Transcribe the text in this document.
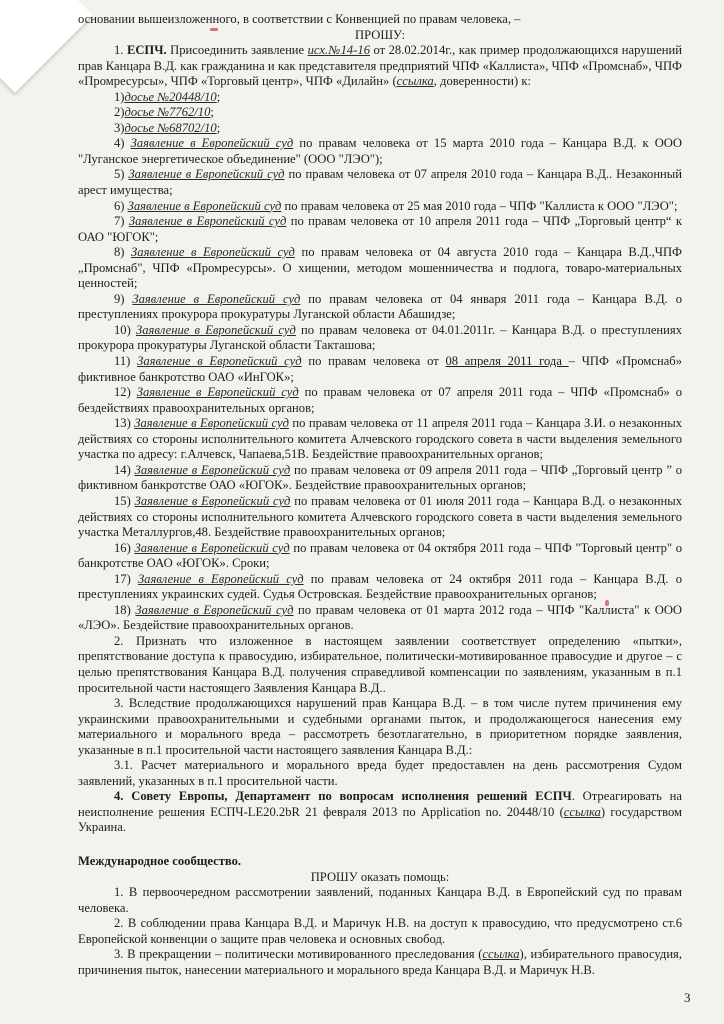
основании вышеизложенного, в соответствии с Конвенцией по правам человека, –

ПРОШУ:

1. ЕСПЧ. Присоединить заявление исх.№14-16 от 28.02.2014г., как пример продолжающихся нарушений прав Канцара В.Д. как гражданина и как представителя предприятий ЧПФ «Каллиста», ЧПФ «Промснаб», ЧПФ «Промресурсы», ЧПФ «Торговый центр», ЧПФ «Дилайн» (ссылка, доверенности) к:

1)досье №20448/10;

2)досье №7762/10;

3)досье №68702/10;

4) Заявление в Европейский суд по правам человека от 15 марта 2010 года – Канцара В.Д. к ООО "Луганское энергетическое объединение" (ООО "ЛЭО");

5) Заявление в Европейский суд по правам человека от 07 апреля 2010 года – Канцара В.Д.. Незаконный арест имущества;

6) Заявление в Европейский суд по правам человека от 25 мая 2010 года – ЧПФ "Каллиста к ООО "ЛЭО";

7) Заявление в Европейский суд по правам человека от 10 апреля 2011 года – ЧПФ „Торговый центр“ к ОАО "ЮГОК";

8) Заявление в Европейский суд по правам человека от 04 августа 2010 года – Канцара В.Д.,ЧПФ „Промснаб", ЧПФ «Промресурсы». О хищении, методом мошенничества и подлога, товаро-материальных ценностей;

9) Заявление в Европейский суд по правам человека от 04 января 2011 года – Канцара В.Д. о преступлениях прокурора прокуратуры Луганской области Абашидзе;

10) Заявление в Европейский суд по правам человека от 04.01.2011г. – Канцара В.Д. о преступлениях прокурора прокуратуры Луганской области Такташова;

11) Заявление в Европейский суд по правам человека от 08 апреля 2011 года – ЧПФ «Промснаб» фиктивное банкротство ОАО «ИнГОК»;

12) Заявление в Европейский суд по правам человека от 07 апреля 2011 года – ЧПФ «Промснаб» о бездействиях правоохранительных органов;

13) Заявление в Европейский суд по правам человека от 11 апреля 2011 года – Канцара З.И. о незаконных действиях со стороны исполнительного комитета Алчевского городского совета в части выделения земельного участка по адресу: г.Алчевск, Чапаева,51В. Бездействие правоохранительных органов;

14) Заявление в Европейский суд по правам человека от 09 апреля 2011 года – ЧПФ „Торговый центр ” о фиктивном банкротстве ОАО «ЮГОК». Бездействие правоохранительных органов;

15) Заявление в Европейский суд по правам человека от 01 июля 2011 года – Канцара В.Д. о незаконных действиях со стороны исполнительного комитета Алчевского городского совета в части выделения земельного участка Металлургов,48. Бездействие правоохранительных органов;

16) Заявление в Европейский суд по правам человека от 04 октября 2011 года – ЧПФ "Торговый центр" о банкротстве ОАО «ЮГОК». Сроки;

17) Заявление в Европейский суд по правам человека от 24 октября 2011 года – Канцара В.Д. о преступлениях украинских судей. Судья Островская. Бездействие правоохранительных органов;

18) Заявление в Европейский суд по правам человека от 01 марта 2012 года – ЧПФ "Каллиста" к ООО «ЛЭО». Бездействие правоохранительных органов.

2. Признать что изложенное в настоящем заявлении соответствует определению «пытки», препятствование доступа к правосудию, избирательное, политически-мотивированное правосудие и другое – с целью препятствования Канцара В.Д. получения справедливой компенсации по заявлениям, указанным в п.1 просительной части настоящего Заявления Канцара В.Д..

3. Вследствие продолжающихся нарушений прав Канцара В.Д. – в том числе путем причинения ему украинскими правоохранительными и судебными органами пыток, и продолжающегося нанесения ему материального и морального вреда – рассмотреть безотлагательно, в приоритетном порядке заявления, указанные в п.1 просительной части настоящего заявления Канцара В.Д.:

3.1. Расчет материального и морального вреда будет предоставлен на день рассмотрения Судом заявлений, указанных в п.1 просительной части.

4. Совету Европы, Департамент по вопросам исполнения решений ЕСПЧ. Отреагировать на неисполнение решения ЕСПЧ-LE20.2bR 21 февраля 2013 по Application no. 20448/10 (ссылка) государством Украина.

Международное сообщество.

ПРОШУ оказать помощь:

1. В первоочередном рассмотрении заявлений, поданных Канцара В.Д. в Европейский суд по правам человека.

2. В соблюдении права Канцара В.Д. и Маричук Н.В. на доступ к правосудию, что предусмотрено ст.6 Европейской конвенции о защите прав человека и основных свобод.

3. В прекращении – политически мотивированного преследования (ссылка), избирательного правосудия, причинения пыток, нанесении материального и морального вреда Канцара В.Д. и Маричук Н.В.

3
